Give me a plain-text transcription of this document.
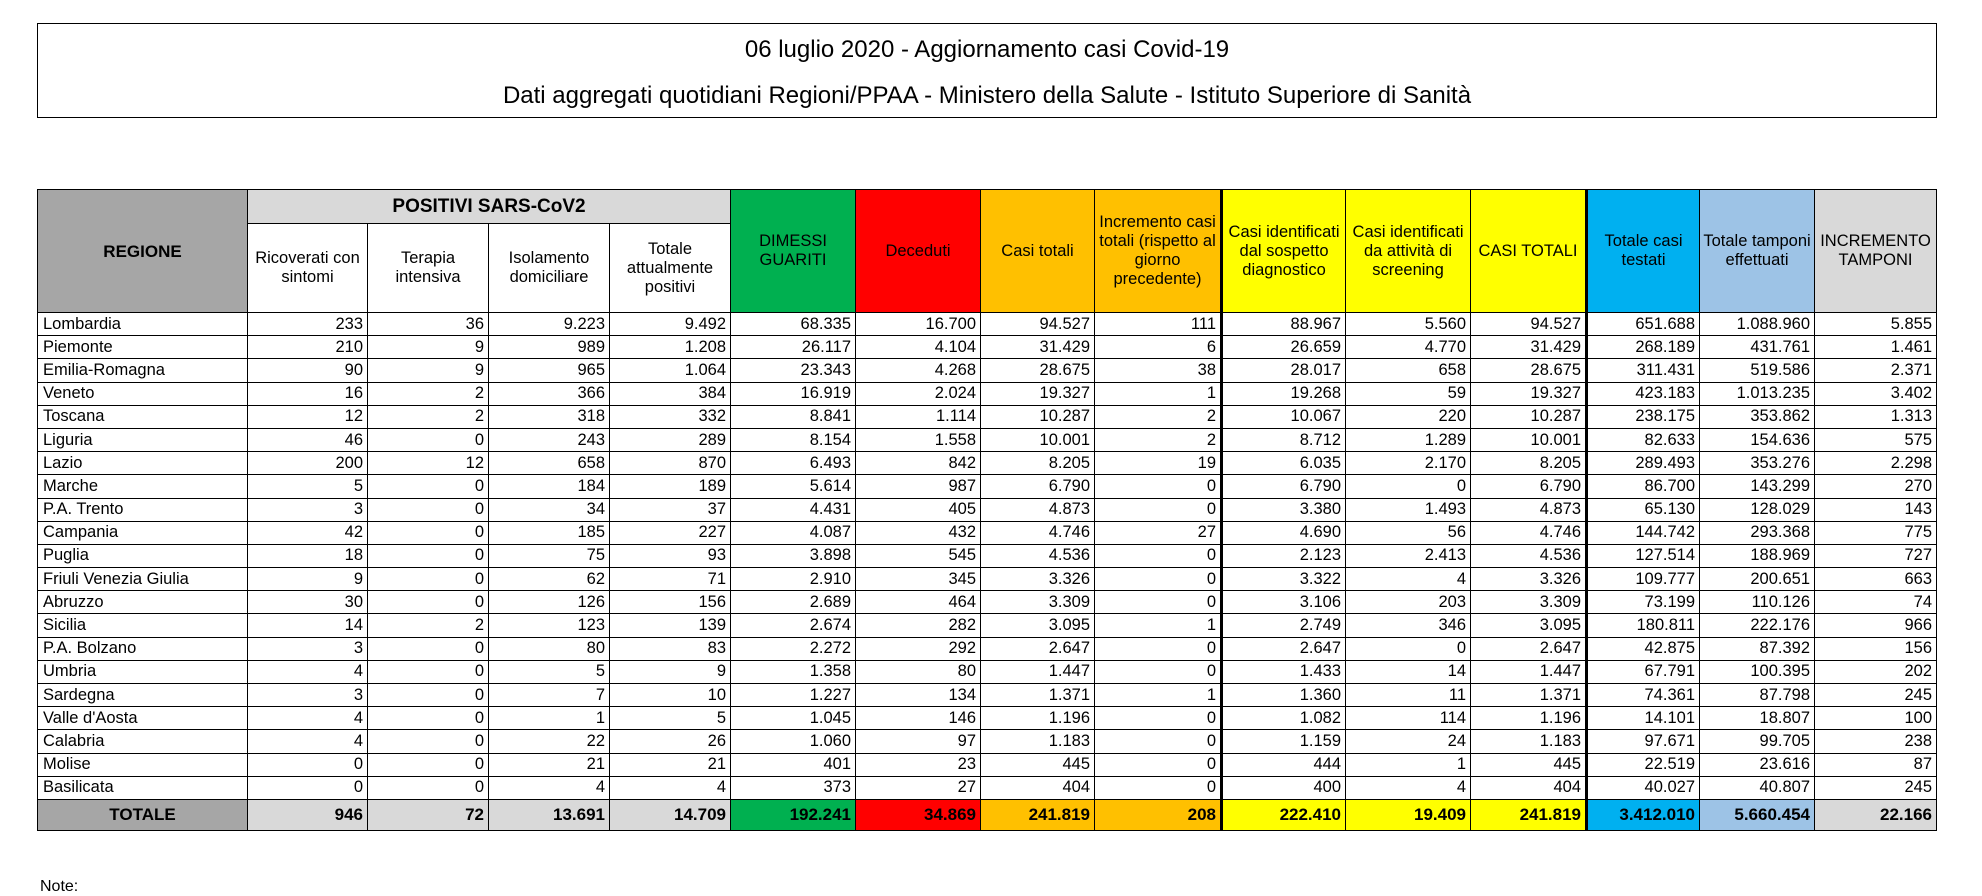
06 luglio 2020 - Aggiornamento casi Covid-19
Dati aggregati quotidiani Regioni/PPAA - Ministero della Salute - Istituto Superiore di Sanità
REGIONE	POSITIVI SARS-CoV2				DIMESSI GUARITI	Deceduti	Casi totali	Incremento casi totali (rispetto al giorno precedente)	Casi identificati dal sospetto diagnostico	Casi identificati da attività di screening	CASI TOTALI	Totale casi testati	Totale tamponi effettuati	INCREMENTO TAMPONI
	Ricoverati con sintomi	Terapia intensiva	Isolamento domiciliare	Totale attualmente positivi										
Lombardia	233	36	9.223	9.492	68.335	16.700	94.527	111	88.967	5.560	94.527	651.688	1.088.960	5.855
Piemonte	210	9	989	1.208	26.117	4.104	31.429	6	26.659	4.770	31.429	268.189	431.761	1.461
Emilia-Romagna	90	9	965	1.064	23.343	4.268	28.675	38	28.017	658	28.675	311.431	519.586	2.371
Veneto	16	2	366	384	16.919	2.024	19.327	1	19.268	59	19.327	423.183	1.013.235	3.402
Toscana	12	2	318	332	8.841	1.114	10.287	2	10.067	220	10.287	238.175	353.862	1.313
Liguria	46	0	243	289	8.154	1.558	10.001	2	8.712	1.289	10.001	82.633	154.636	575
Lazio	200	12	658	870	6.493	842	8.205	19	6.035	2.170	8.205	289.493	353.276	2.298
Marche	5	0	184	189	5.614	987	6.790	0	6.790	0	6.790	86.700	143.299	270
P.A. Trento	3	0	34	37	4.431	405	4.873	0	3.380	1.493	4.873	65.130	128.029	143
Campania	42	0	185	227	4.087	432	4.746	27	4.690	56	4.746	144.742	293.368	775
Puglia	18	0	75	93	3.898	545	4.536	0	2.123	2.413	4.536	127.514	188.969	727
Friuli Venezia Giulia	9	0	62	71	2.910	345	3.326	0	3.322	4	3.326	109.777	200.651	663
Abruzzo	30	0	126	156	2.689	464	3.309	0	3.106	203	3.309	73.199	110.126	74
Sicilia	14	2	123	139	2.674	282	3.095	1	2.749	346	3.095	180.811	222.176	966
P.A. Bolzano	3	0	80	83	2.272	292	2.647	0	2.647	0	2.647	42.875	87.392	156
Umbria	4	0	5	9	1.358	80	1.447	0	1.433	14	1.447	67.791	100.395	202
Sardegna	3	0	7	10	1.227	134	1.371	1	1.360	11	1.371	74.361	87.798	245
Valle d'Aosta	4	0	1	5	1.045	146	1.196	0	1.082	114	1.196	14.101	18.807	100
Calabria	4	0	22	26	1.060	97	1.183	0	1.159	24	1.183	97.671	99.705	238
Molise	0	0	21	21	401	23	445	0	444	1	445	22.519	23.616	87
Basilicata	0	0	4	4	373	27	404	0	400	4	404	40.027	40.807	245
TOTALE	946	72	13.691	14.709	192.241	34.869	241.819	208	222.410	19.409	241.819	3.412.010	5.660.454	22.166
Note:
